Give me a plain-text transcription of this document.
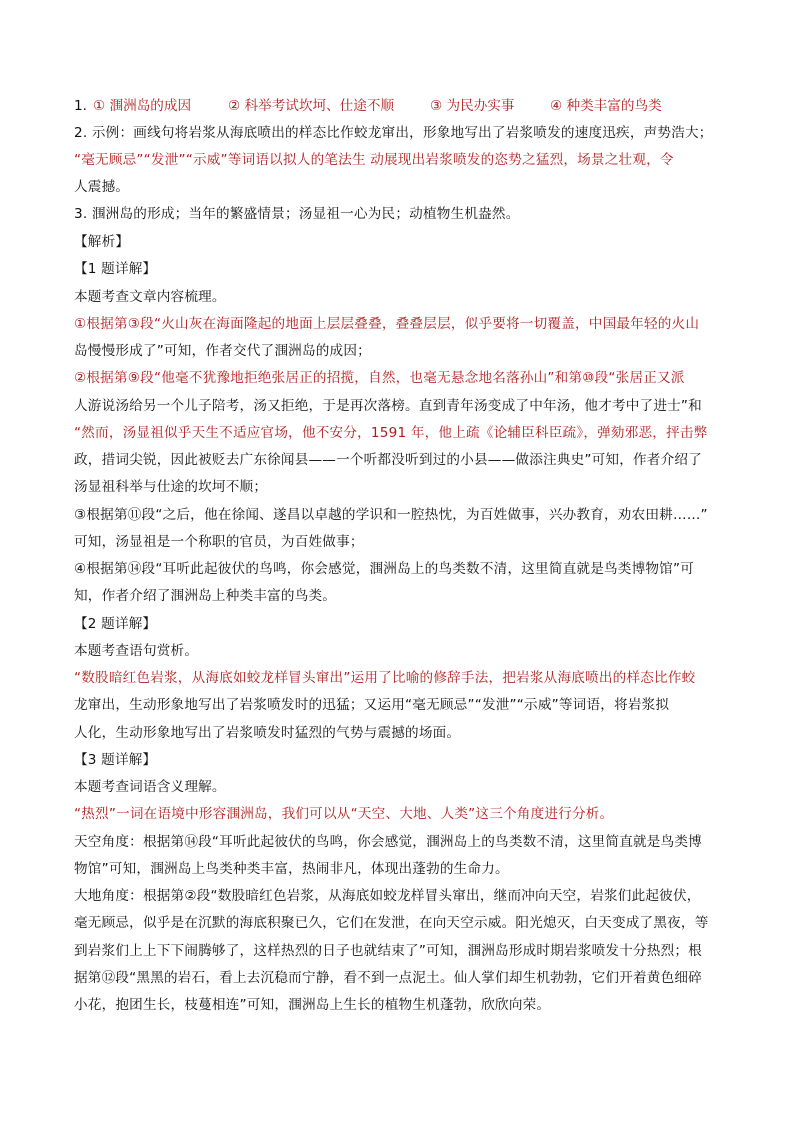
1. ① 涠洲岛的成因	② 科举考试坎坷、仕途不顺	③ 为民办实事	④ 种类丰富的鸟类
2. 示例：画线句将岩浆从海底喷出的样态比作蛟龙窜出，形象地写出了岩浆喷发的速度迅疾，声势浩大；
“毫无顾忌”“发泄”“示威”等词语以拟人的笔法生 动展现出岩浆喷发的恣势之猛烈，场景之壮观，令
人震撼。
3. 涠洲岛的形成；当年的繁盛情景；汤显祖一心为民；动植物生机盎然。
【解析】
【1 题详解】
本题考查文章内容梳理。
①根据第③段“火山灰在海面隆起的地面上层层叠叠，叠叠层层，似乎要将一切覆盖，中国最年轻的火山
岛慢慢形成了”可知，作者交代了涠洲岛的成因；
②根据第⑨段“他毫不犹豫地拒绝张居正的招揽，自然，也毫无悬念地名落孙山”和第⑩段“张居正又派
人游说汤给另一个儿子陪考，汤又拒绝，于是再次落榜。直到青年汤变成了中年汤，他才考中了进士”和
“然而，汤显祖似乎天生不适应官场，他不安分，1591 年，他上疏《论辅臣科臣疏》，弹劾邪恶，抨击弊
政，措词尖锐，因此被贬去广东徐闻县——一个听都没听到过的小县——做添注典史”可知，作者介绍了
汤显祖科举与仕途的坎坷不顺；
③根据第⑪段“之后，他在徐闻、遂昌以卓越的学识和一腔热忱，为百姓做事，兴办教育，劝农田耕……”
可知，汤显祖是一个称职的官员，为百姓做事；
④根据第⑭段“耳听此起彼伏的鸟鸣，你会感觉，涠洲岛上的鸟类数不清，这里简直就是鸟类博物馆”可
知，作者介绍了涠洲岛上种类丰富的鸟类。
【2 题详解】
本题考查语句赏析。
“数股暗红色岩浆，从海底如蛟龙样冒头窜出”运用了比喻的修辞手法，把岩浆从海底喷出的样态比作蛟
龙窜出，生动形象地写出了岩浆喷发时的迅猛；又运用“毫无顾忌”“发泄”“示威”等词语，将岩浆拟
人化，生动形象地写出了岩浆喷发时猛烈的气势与震撼的场面。
【3 题详解】
本题考查词语含义理解。
“热烈”一词在语境中形容涠洲岛，我们可以从“天空、大地、人类”这三个角度进行分析。
天空角度：根据第⑭段“耳听此起彼伏的鸟鸣，你会感觉，涠洲岛上的鸟类数不清，这里简直就是鸟类博
物馆”可知，涠洲岛上鸟类种类丰富，热闹非凡，体现出蓬勃的生命力。
大地角度：根据第②段“数股暗红色岩浆，从海底如蛟龙样冒头窜出，继而冲向天空，岩浆们此起彼伏，
毫无顾忌，似乎是在沉默的海底积聚已久，它们在发泄，在向天空示威。阳光熄灭，白天变成了黑夜，等
到岩浆们上上下下闹腾够了，这样热烈的日子也就结束了”可知，涠洲岛形成时期岩浆喷发十分热烈；根
据第⑫段“黑黑的岩石，看上去沉稳而宁静，看不到一点泥土。仙人掌们却生机勃勃，它们开着黄色细碎
小花，抱团生长，枝蔓相连”可知，涠洲岛上生长的植物生机蓬勃，欣欣向荣。
